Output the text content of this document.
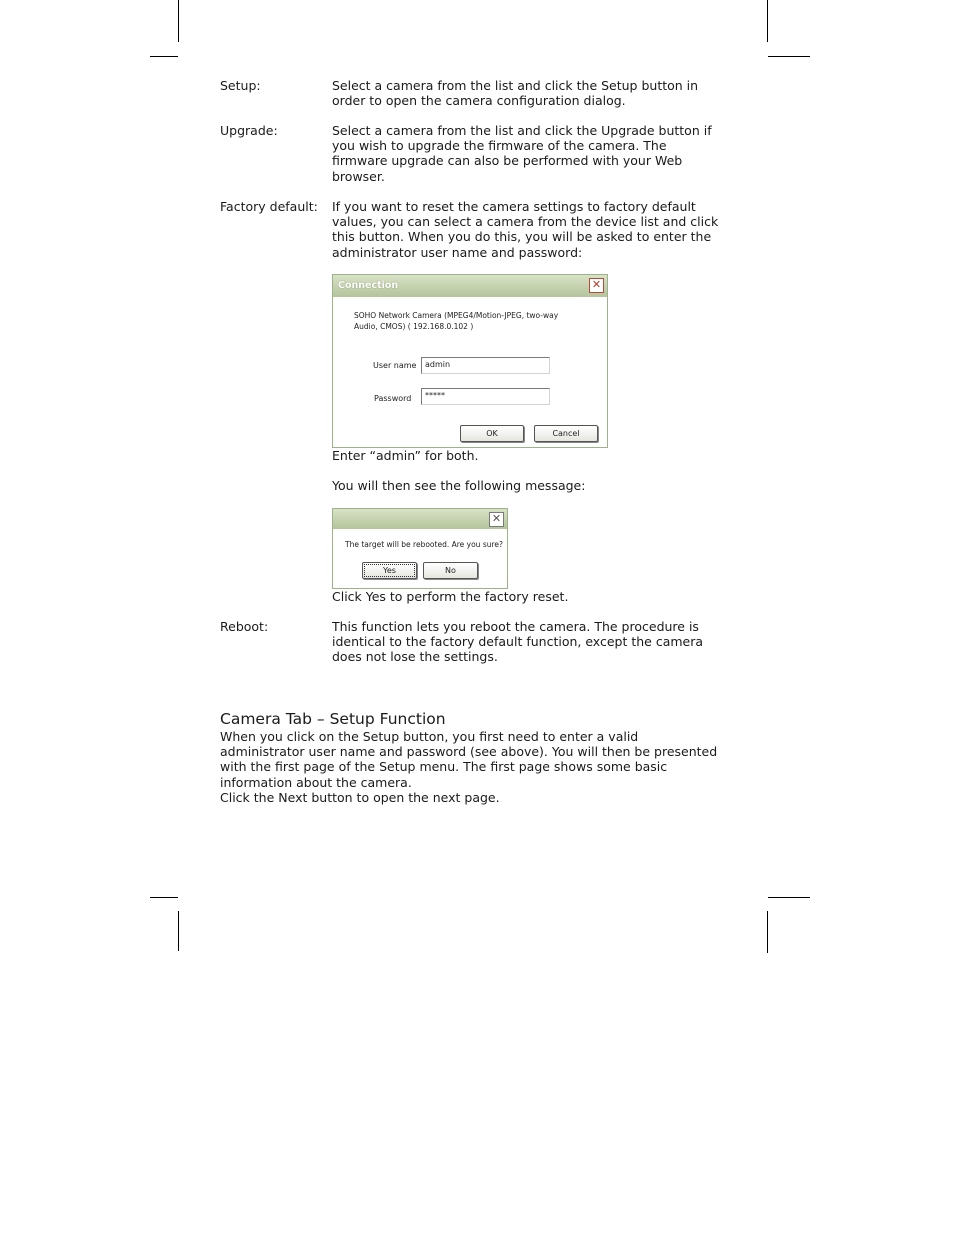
Setup:	Select a camera from the list and click the Setup button in order to open the camera configuration dialog.
Upgrade:	Select a camera from the list and click the Upgrade button if you wish to upgrade the firmware of the camera. The firmware upgrade can also be performed with your Web browser.
Factory default: If you want to reset the camera settings to factory default values, you can select a camera from the device list and click this button. When you do this, you will be asked to enter the administrator user name and password:
Connection	✕
SOHO Network Camera (MPEG4/Motion-JPEG, two-way Audio, CMOS) ( 192.168.0.102 )
User name	admin
Password	*****
OK	Cancel
Enter “admin” for both.
You will then see the following message:
✕
The target will be rebooted. Are you sure?
Yes	No
Click Yes to perform the factory reset.
Reboot:	This function lets you reboot the camera. The procedure is identical to the factory default function, except the camera does not lose the settings.
Camera Tab – Setup Function

When you click on the Setup button, you first need to enter a valid administrator user name and password (see above). You will then be presented with the first page of the Setup menu. The first page shows some basic information about the camera.

Click the Next button to open the next page.
